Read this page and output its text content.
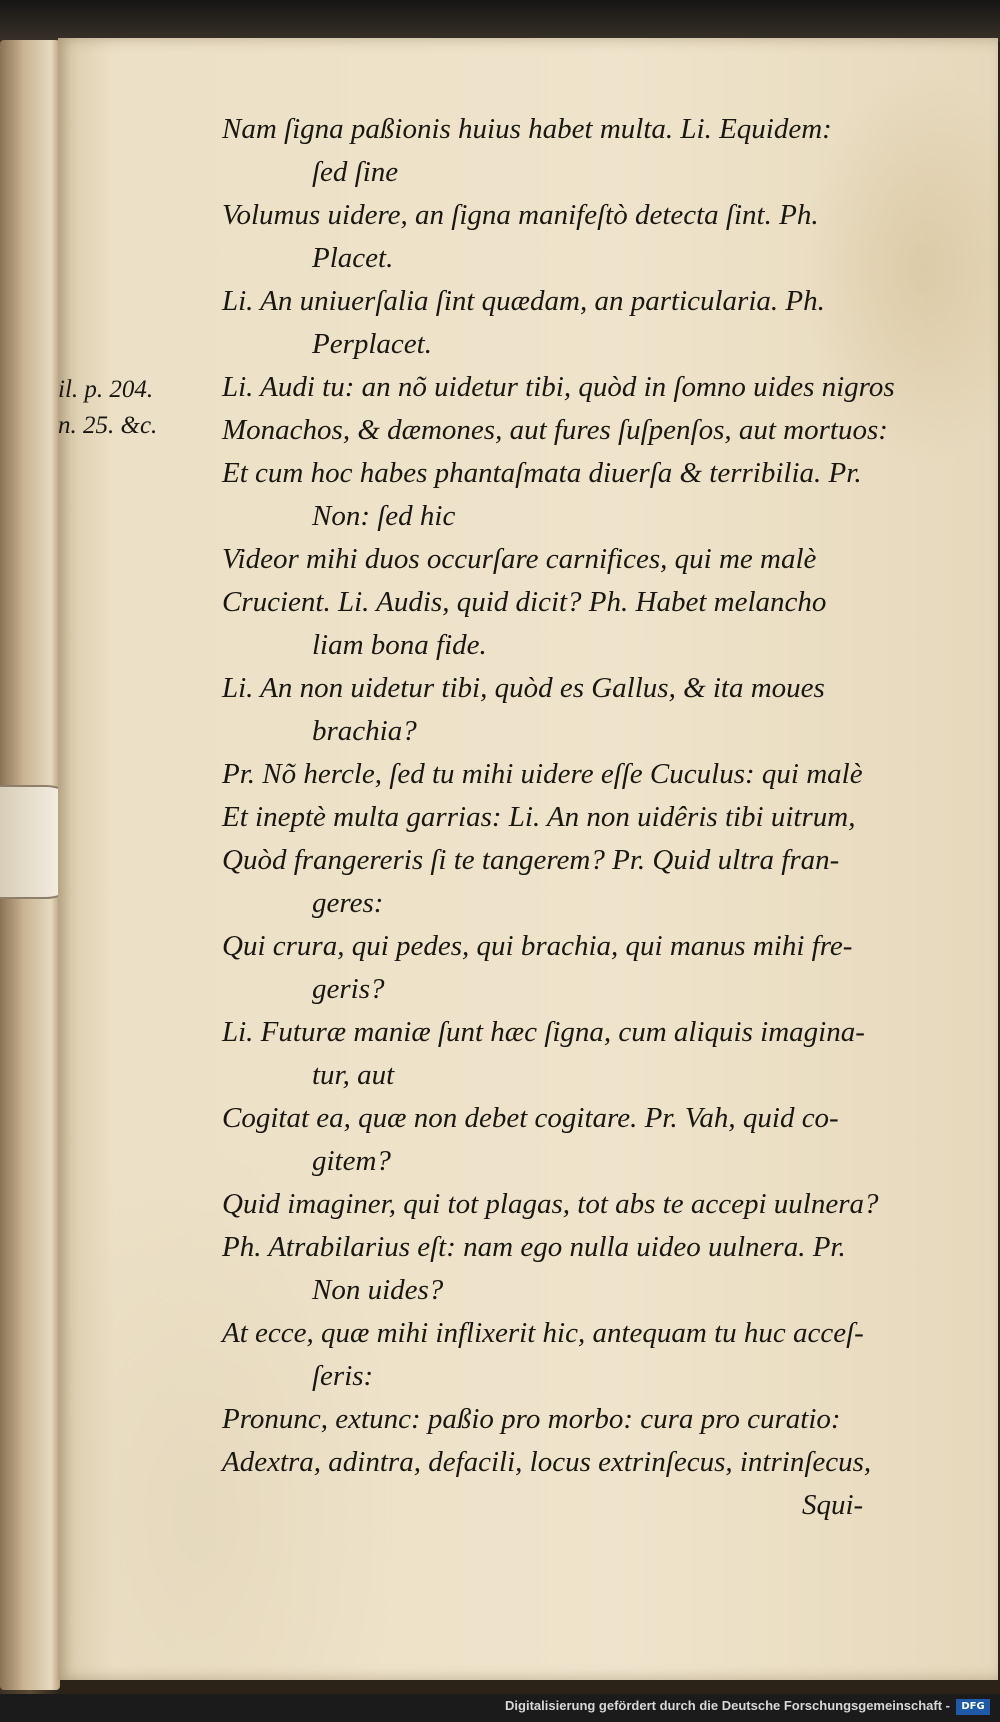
il. p. 204.
n. 25. &c.
Nam ſigna paßionis huius habet multa. Li. Equidem:
ſed ſine
Volumus uidere, an ſigna manifeſtò detecta ſint. Ph.
Placet.
Li. An uniuerſalia ſint quædam, an particularia. Ph.
Perplacet.
Li. Audi tu: an nõ uidetur tibi, quòd in ſomno uides nigros
Monachos, & dæmones, aut fures ſuſpenſos, aut mortuos:
Et cum hoc habes phantaſmata diuerſa & terribilia. Pr.
Non: ſed hic
Videor mihi duos occurſare carnifices, qui me malè
Crucient. Li. Audis, quid dicit? Ph. Habet melancho
liam bona fide.
Li. An non uidetur tibi, quòd es Gallus, & ita moues
brachia?
Pr. Nõ hercle, ſed tu mihi uidere eſſe Cuculus: qui malè
Et ineptè multa garrias: Li. An non uidêris tibi uitrum,
Quòd frangereris ſi te tangerem? Pr. Quid ultra fran-
geres:
Qui crura, qui pedes, qui brachia, qui manus mihi fre-
geris?
Li. Futuræ maniæ ſunt hæc ſigna, cum aliquis imagina-
tur, aut
Cogitat ea, quæ non debet cogitare. Pr. Vah, quid co-
gitem?
Quid imaginer, qui tot plagas, tot abs te accepi uulnera?
Ph. Atrabilarius eſt: nam ego nulla uideo uulnera. Pr.
Non uides?
At ecce, quæ mihi inflixerit hic, antequam tu huc acceſ-
ſeris:
Pronunc, extunc: paßio pro morbo: cura pro curatio:
Adextra, adintra, defacili, locus extrinſecus, intrinſecus,
Squi-
Digitalisierung gefördert durch die Deutsche Forschungsgemeinschaft -	DFG
